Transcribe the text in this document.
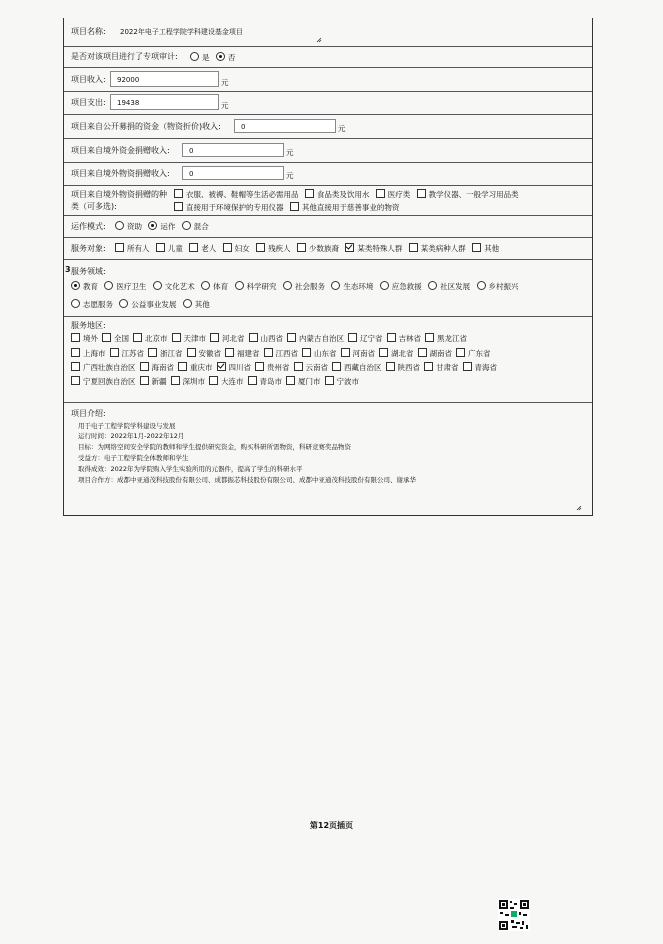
项目名称: 2022年电子工程学院学科建设基金项目
是否对该项目进行了专项审计:	是 否
项目收入:	92000	元
项目支出:	19438	元
项目来自公开募捐的资金（物资折价)收入:	0	元
项目来自境外资金捐赠收入:	0	元
项目来自境外物资捐赠收入:	0	元
项目来自境外物资捐赠的种
类（可多选):
衣服、被褥、鞋帽等生活必需用品 食品类及饮用水 医疗类 教学仪器、一般学习用品类
直接用于环境保护的专用仪器 其他直接用于慈善事业的物资
运作模式:	资助 运作 混合
服务对象:	所有人 儿童 老人 妇女 残疾人 少数族裔 某类特殊人群 某类病种人群 其他
服务领域:
教育 医疗卫生 文化艺术 体育 科学研究 社会服务 生态环境 应急救援 社区发展 乡村振兴
志愿服务 公益事业发展 其他
服务地区:
境外 全国 北京市 天津市 河北省 山西省 内蒙古自治区 辽宁省 吉林省 黑龙江省
上海市 江苏省 浙江省 安徽省 福建省 江西省 山东省 河南省 湖北省 湖南省 广东省
广西壮族自治区 海南省 重庆市 四川省 贵州省 云南省 西藏自治区 陕西省 甘肃省 青海省
宁夏回族自治区 新疆 深圳市 大连市 青岛市 厦门市 宁波市
项目介绍:
用于电子工程学院学科建设与发展
运行时间：2022年1月-2022年12月
目标：为网络空间安全学院的教师和学生提供研究资金，购买科研所需物资，科研竞赛奖品物资
受益方：电子工程学院全体教师和学生
取得成效：2022年为学院购入学生实验所用的元器件，提高了学生的科研水平
项目合作方：成都中亚通茂科技股份有限公司、成都振芯科技股份有限公司、成都中亚通茂科技股份有限公司、谢承华
3
第12页插页
